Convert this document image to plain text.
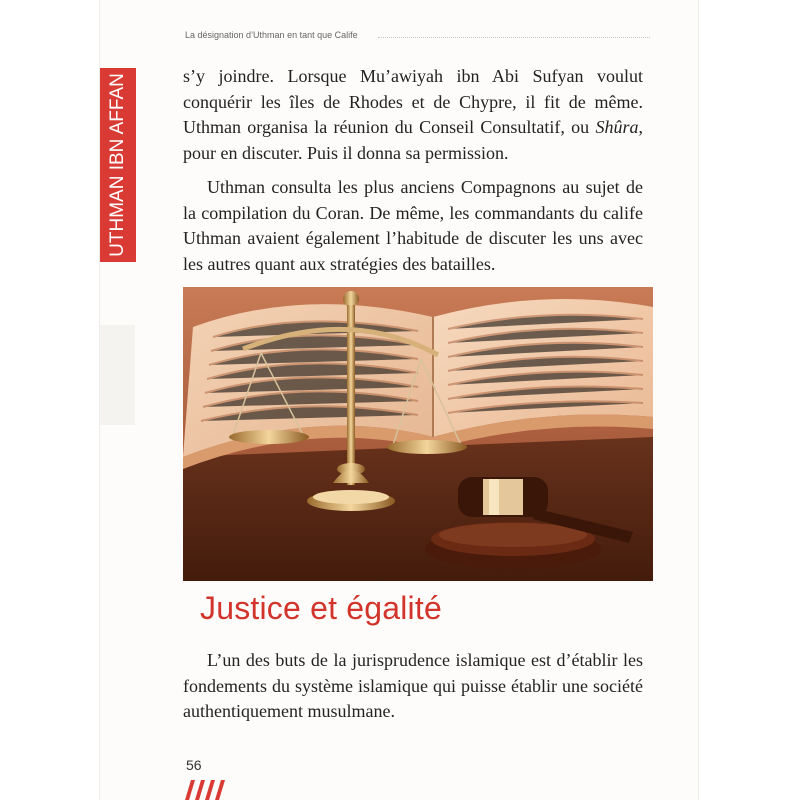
La désignation d’Uthman en tant que Calife
UTHMAN IBN AFFAN	s’y joindre. Lorsque Mu’awiyah ibn Abi Sufyan voulut conquérir les îles de Rhodes et de Chypre, il fit de même. Uthman organisa la réunion du Conseil Consultatif, ou Shûra, pour en discuter. Puis il donna sa permission.
Uthman consulta les plus anciens Compagnons au sujet de la compilation du Coran. De même, les commandants du calife Uthman avaient également l’habitude de discuter les uns avec les autres quant aux stratégies des batailles.
Justice et égalité
L’un des buts de la jurisprudence islamique est d’établir les fondements du système islamique qui puisse établir une société authentiquement musulmane.
56
